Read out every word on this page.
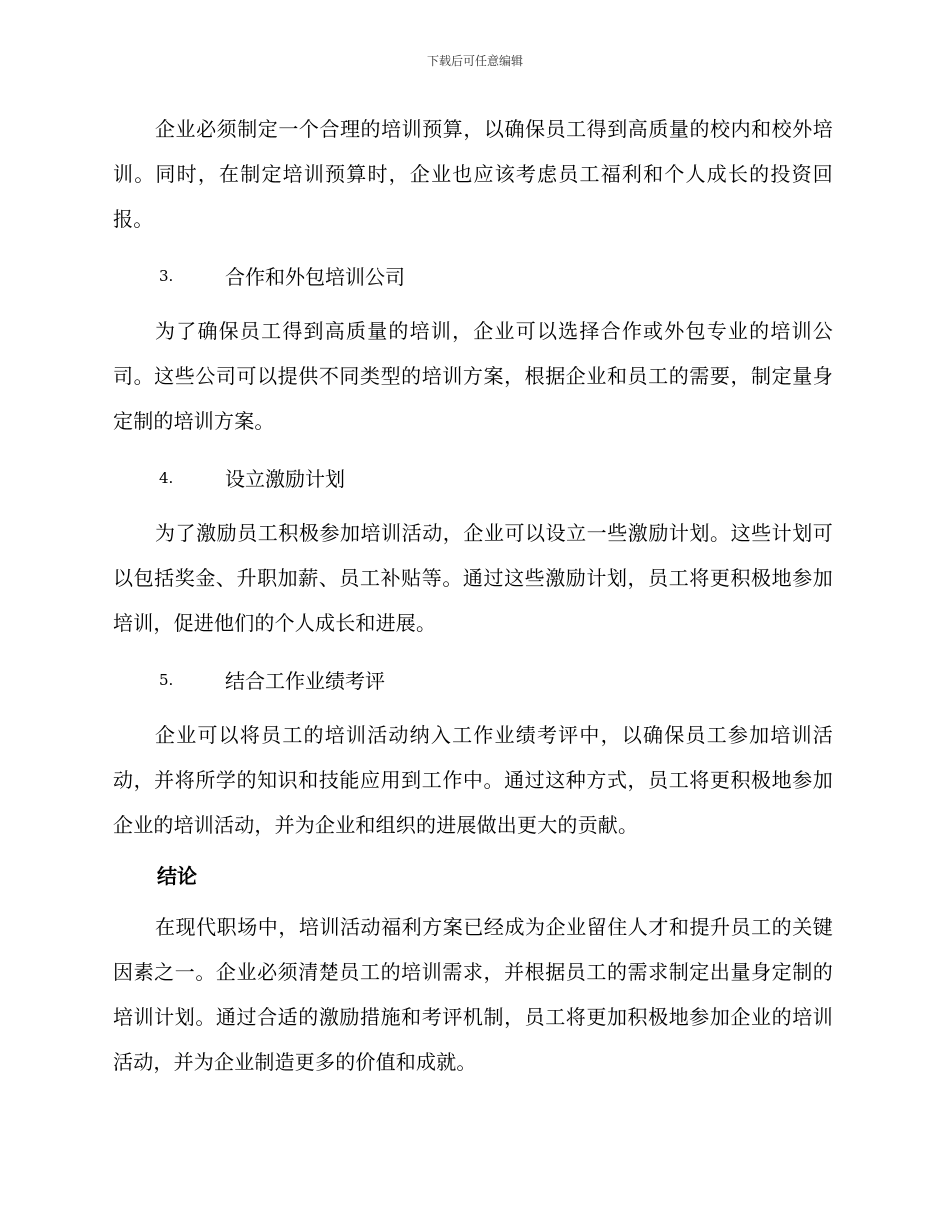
下载后可任意编辑

企业必须制定一个合理的培训预算，以确保员工得到高质量的校内和校外培训。同时，在制定培训预算时，企业也应该考虑员工福利和个人成长的投资回报。

3.	合作和外包培训公司

为了确保员工得到高质量的培训，企业可以选择合作或外包专业的培训公司。这些公司可以提供不同类型的培训方案，根据企业和员工的需要，制定量身定制的培训方案。

4.	设立激励计划

为了激励员工积极参加培训活动，企业可以设立一些激励计划。这些计划可以包括奖金、升职加薪、员工补贴等。通过这些激励计划，员工将更积极地参加培训，促进他们的个人成长和进展。

5.	结合工作业绩考评

企业可以将员工的培训活动纳入工作业绩考评中，以确保员工参加培训活动，并将所学的知识和技能应用到工作中。通过这种方式，员工将更积极地参加企业的培训活动，并为企业和组织的进展做出更大的贡献。

结论

在现代职场中，培训活动福利方案已经成为企业留住人才和提升员工的关键因素之一。企业必须清楚员工的培训需求，并根据员工的需求制定出量身定制的培训计划。通过合适的激励措施和考评机制，员工将更加积极地参加企业的培训活动，并为企业制造更多的价值和成就。
